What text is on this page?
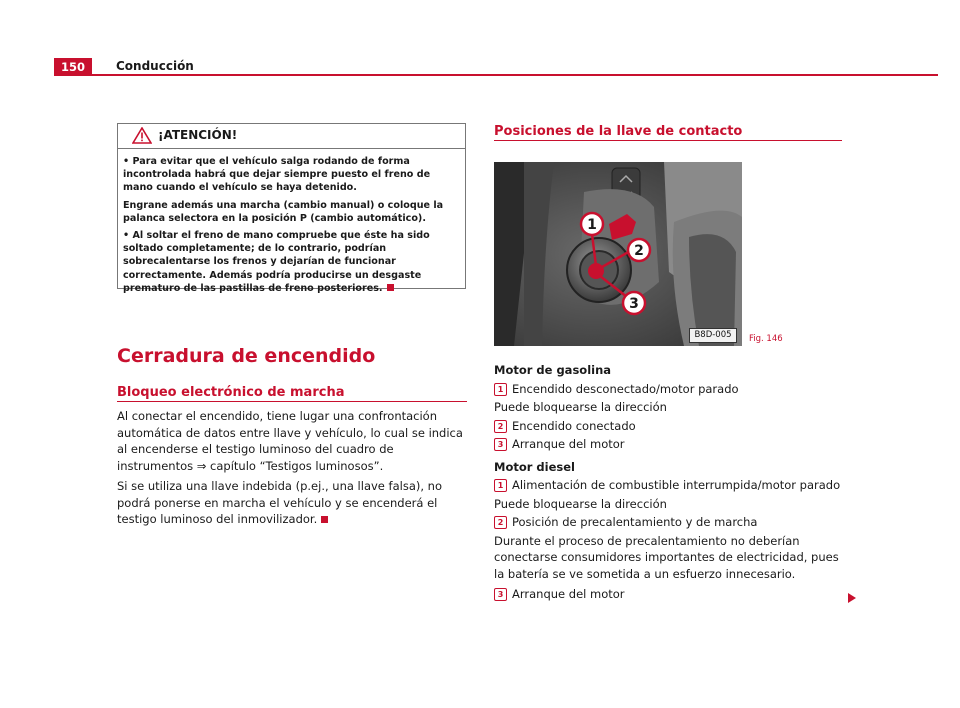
150	Conducción
¡ATENCIÓN!

• Para evitar que el vehículo salga rodando de forma incontrolada habrá que dejar siempre puesto el freno de mano cuando el vehículo se haya detenido.

Engrane además una marcha (cambio manual) o coloque la palanca selectora en la posición P (cambio automático).

• Al soltar el freno de mano compruebe que éste ha sido soltado completamente; de lo contrario, podrían sobrecalentarse los frenos y dejarían de funcionar correctamente. Además podría producirse un desgaste prematuro de las pastillas de freno posteriores.

Cerradura de encendido
Bloqueo electrónico de marcha

Al conectar el encendido, tiene lugar una confrontación automática de datos entre llave y vehículo, lo cual se indica al encenderse el testigo luminoso del cuadro de instrumentos ⇒ capítulo “Testigos luminosos”.

Si se utiliza una llave indebida (p.ej., una llave falsa), no podrá ponerse en marcha el vehículo y se encenderá el testigo luminoso del inmovilizador.

Posiciones de la llave de contacto
1
2
3
B8D-005	Fig. 146
Motor de gasolina
1 Encendido desconectado/motor parado
Puede bloquearse la dirección
2 Encendido conectado
3 Arranque del motor
Motor diesel
1 Alimentación de combustible interrumpida/motor parado
Puede bloquearse la dirección
2 Posición de precalentamiento y de marcha
Durante el proceso de precalentamiento no deberían conectarse consumidores importantes de electricidad, pues la batería se ve sometida a un esfuerzo innecesario.
3 Arranque del motor
